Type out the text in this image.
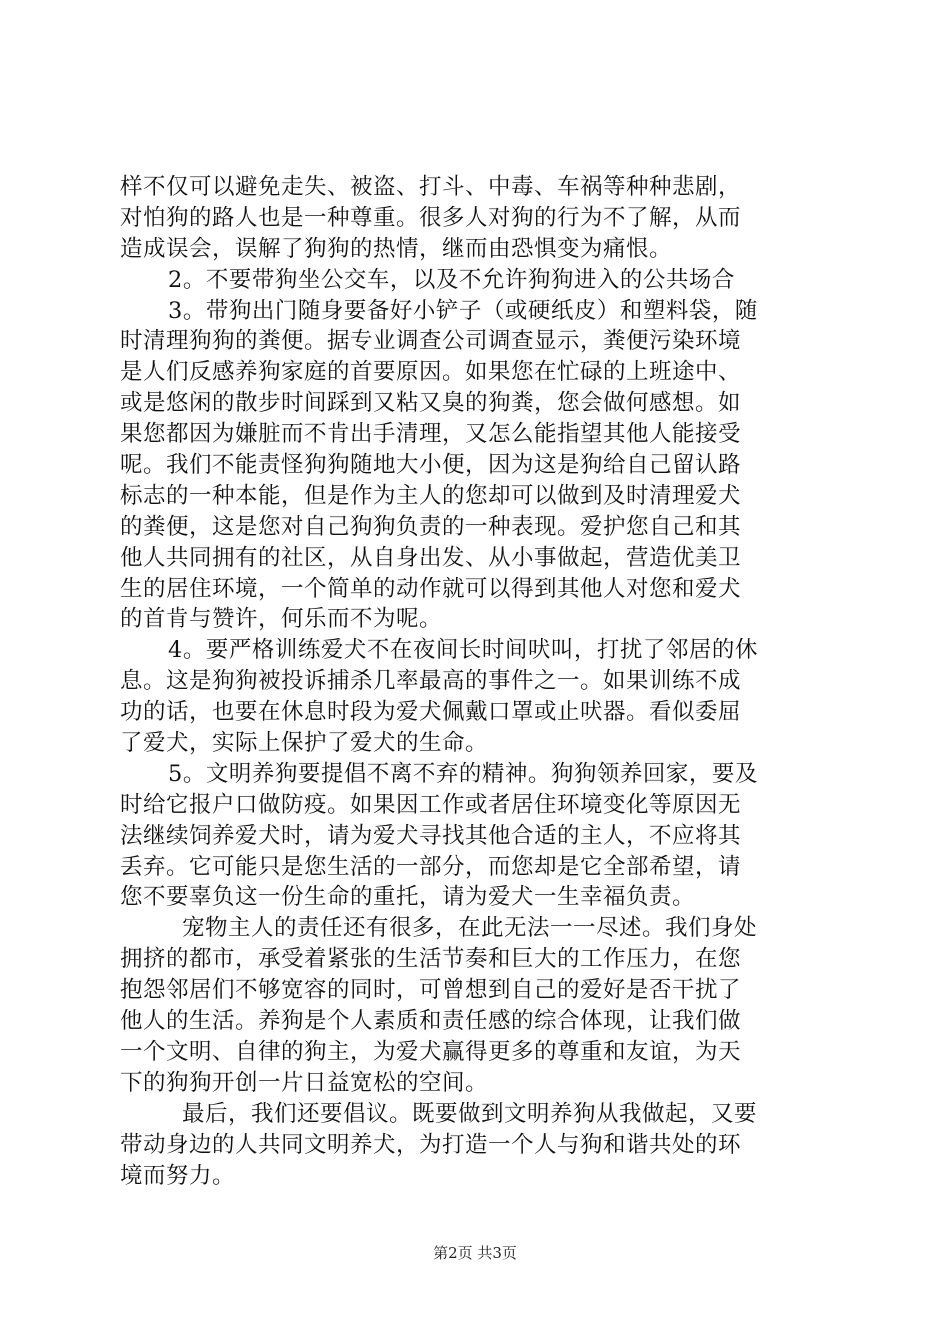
样不仅可以避免走失、被盗、打斗、中毒、车祸等种种悲剧，
对怕狗的路人也是一种尊重。很多人对狗的行为不了解，从而
造成误会，误解了狗狗的热情，继而由恐惧变为痛恨。
2。不要带狗坐公交车，以及不允许狗狗进入的公共场合
3。带狗出门随身要备好小铲子（或硬纸皮）和塑料袋，随
时清理狗狗的粪便。据专业调查公司调查显示，粪便污染环境
是人们反感养狗家庭的首要原因。如果您在忙碌的上班途中、
或是悠闲的散步时间踩到又粘又臭的狗粪，您会做何感想。如
果您都因为嫌脏而不肯出手清理，又怎么能指望其他人能接受
呢。我们不能责怪狗狗随地大小便，因为这是狗给自己留认路
标志的一种本能，但是作为主人的您却可以做到及时清理爱犬
的粪便，这是您对自己狗狗负责的一种表现。爱护您自己和其
他人共同拥有的社区，从自身出发、从小事做起，营造优美卫
生的居住环境，一个简单的动作就可以得到其他人对您和爱犬
的首肯与赞许，何乐而不为呢。
4。要严格训练爱犬不在夜间长时间吠叫，打扰了邻居的休
息。这是狗狗被投诉捕杀几率最高的事件之一。如果训练不成
功的话，也要在休息时段为爱犬佩戴口罩或止吠器。看似委屈
了爱犬，实际上保护了爱犬的生命。
5。文明养狗要提倡不离不弃的精神。狗狗领养回家，要及
时给它报户口做防疫。如果因工作或者居住环境变化等原因无
法继续饲养爱犬时，请为爱犬寻找其他合适的主人，不应将其
丢弃。它可能只是您生活的一部分，而您却是它全部希望，请
您不要辜负这一份生命的重托，请为爱犬一生幸福负责。
宠物主人的责任还有很多，在此无法一一尽述。我们身处
拥挤的都市，承受着紧张的生活节奏和巨大的工作压力，在您
抱怨邻居们不够宽容的同时，可曾想到自己的爱好是否干扰了
他人的生活。养狗是个人素质和责任感的综合体现，让我们做
一个文明、自律的狗主，为爱犬赢得更多的尊重和友谊，为天
下的狗狗开创一片日益宽松的空间。
最后，我们还要倡议。既要做到文明养狗从我做起，又要
带动身边的人共同文明养犬，为打造一个人与狗和谐共处的环
境而努力。
第2页 共3页
